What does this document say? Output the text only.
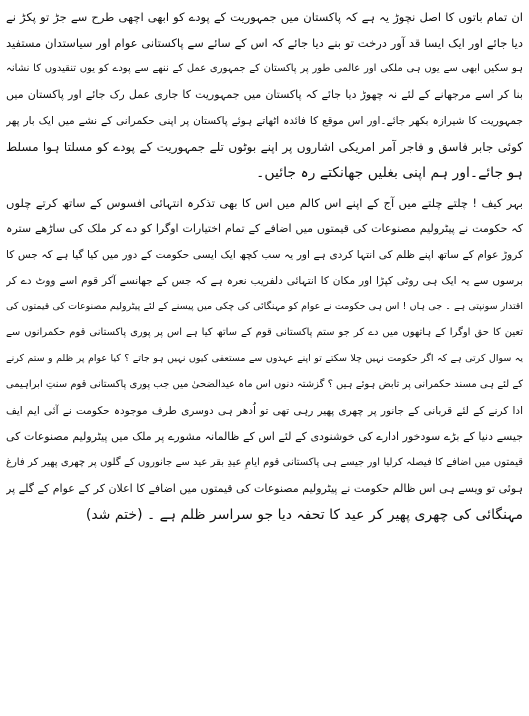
ان تمام باتوں کا اصل نچوڑ یہ ہے کہ پاکستان میں جمہوریت کے پودے کو ابھی اچھی طرح سے جڑ تو پکڑ نے
دیا جائے اور ایک ایسا قد آور درخت تو بنے دیا جائے کہ اس کے سائے سے پاکستانی عوام اور سیاستدان مستفید
ہو سکیں ابھی سے یوں ہی ملکی اور عالمی طور پر پاکستان کے جمہوری عمل کے ننھے سے پودے کو یوں تنقیدوں کا نشانہ
بنا کر اسے مرجھانے کے لئے نہ چھوڑ دیا جائے کہ پاکستان میں جمہوریت کا جاری عمل رک جائے اور پاکستان میں
جمہوریت کا شیرازہ بکھر جائے۔اور اس موقع کا فائدہ اٹھاتے ہوئے پاکستان پر اپنی حکمرانی کے نشے میں ایک بار پھر
کوئی جابر فاسق و فاجر آمر امریکی اشاروں پر اپنے بوٹوں تلے جمہوریت کے پودے کو مسلتا ہوا مسلط
ہو جائے۔اور ہم اپنی بغلیں جھانکتے رہ جائیں۔
بہر کیف ! چلتے چلتے میں آج کے اپنے اس کالم میں اس کا بھی تذکرہ انتہائی افسوس کے ساتھ کرتے چلوں
کہ حکومت نے پیٹرولیم مصنوعات کی قیمتوں میں اضافے کے تمام اختیارات اوگرا کو دے کر ملک کی ساڑھے سترہ
کروڑ عوام کے ساتھ اپنے ظلم کی انتہا کردی ہے اور یہ سب کچھ ایک ایسی حکومت کے دور میں کیا گیا ہے کہ جس کا
برسوں سے یہ ایک ہی روٹی کپڑا اور مکان کا انتہائی دلفریب نعرہ ہے کہ جس کے جھانسے آکر قوم اسے ووٹ دے کر
اقتدار سونپتی ہے ۔ جی ہاں ! اس ہی حکومت نے عوام کو مہنگائی کی چکی میں پیسنے کے لئے پیٹرولیم مصنوعات کی قیمتوں کی
تعین کا حق اوگرا کے ہاتھوں میں دے کر جو ستم پاکستانی قوم کے ساتھ کیا ہے اس پر پوری پاکستانی قوم حکمرانوں سے
یہ سوال کرتی ہے کہ اگر حکومت نہیں چلا سکتے تو اپنے عہدوں سے مستعفی کیوں نہیں ہو جاتے ؟ کیا عوام پر ظلم و ستم کرنے
کے لئے ہی مسند حکمرانی پر تابض ہوئے ہیں ؟ گزشتہ دنوں اس ماہ عیدالضحیٰ میں جب پوری پاکستانی قوم سنتِ ابراہیمی
ادا کرنے کے لئے قربانی کے جانور پر چھری پھیر رہی تھی تو اُدھر ہی دوسری طرف موجودہ حکومت نے آئی ایم ایف
جیسے دنیا کے بڑے سودخور ادارے کی خوشنودی کے لئے اس کے ظالمانہ مشورے پر ملک میں پیٹرولیم مصنوعات کی
قیمتوں میں اضافے کا فیصلہ کرلیا اور جیسے ہی پاکستانی قوم ایامِ عیدِ بقر عید سے جانوروں کے گلوں پر چھری پھیر کر فارغ
ہوئی تو ویسے ہی اس ظالم حکومت نے پیٹرولیم مصنوعات کی قیمتوں میں اضافے کا اعلان کر کے عوام کے گلے پر
مہنگائی کی چھری پھیر کر عید کا تحفہ دیا جو سراسر ظلم ہے ۔ (ختم شد)
